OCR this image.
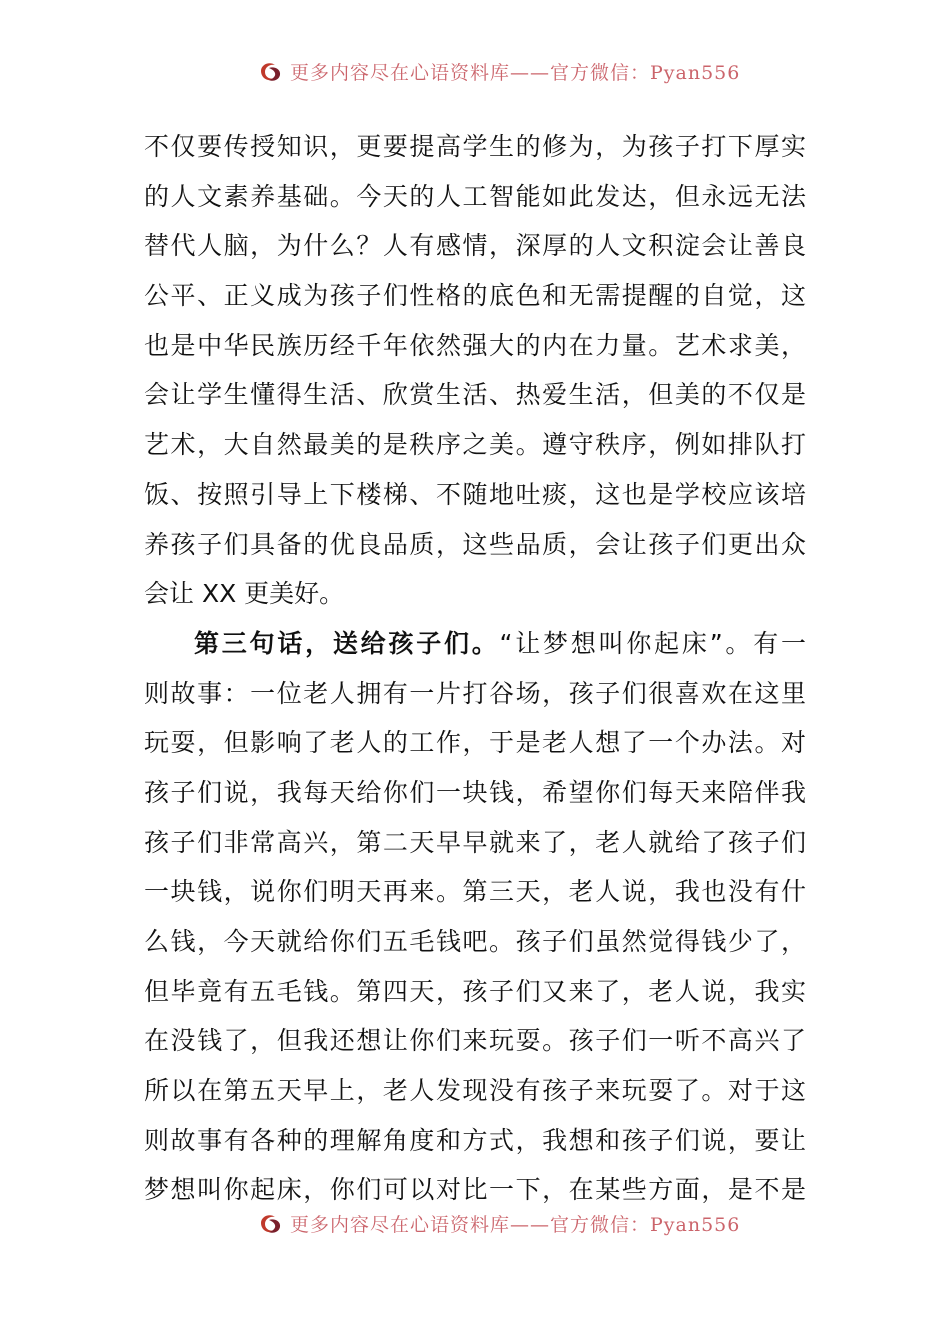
更多内容尽在心语资料库——官方微信：Pyan556
不仅要传授知识，更要提高学生的修为，为孩子打下厚实
的人文素养基础。今天的人工智能如此发达，但永远无法
替代人脑，为什么？人有感情，深厚的人文积淀会让善良
公平、正义成为孩子们性格的底色和无需提醒的自觉，这
也是中华民族历经千年依然强大的内在力量。艺术求美，
会让学生懂得生活、欣赏生活、热爱生活，但美的不仅是
艺术，大自然最美的是秩序之美。遵守秩序，例如排队打
饭、按照引导上下楼梯、不随地吐痰，这也是学校应该培
养孩子们具备的优良品质，这些品质，会让孩子们更出众
会让 XX 更美好。
第三句话，送给孩子们。“让梦想叫你起床”。有一
则故事：一位老人拥有一片打谷场，孩子们很喜欢在这里
玩耍，但影响了老人的工作，于是老人想了一个办法。对
孩子们说，我每天给你们一块钱，希望你们每天来陪伴我
孩子们非常高兴，第二天早早就来了，老人就给了孩子们
一块钱，说你们明天再来。第三天，老人说，我也没有什
么钱，今天就给你们五毛钱吧。孩子们虽然觉得钱少了，
但毕竟有五毛钱。第四天，孩子们又来了，老人说，我实
在没钱了，但我还想让你们来玩耍。孩子们一听不高兴了
所以在第五天早上，老人发现没有孩子来玩耍了。对于这
则故事有各种的理解角度和方式，我想和孩子们说，要让
梦想叫你起床，你们可以对比一下，在某些方面，是不是
更多内容尽在心语资料库——官方微信：Pyan556
